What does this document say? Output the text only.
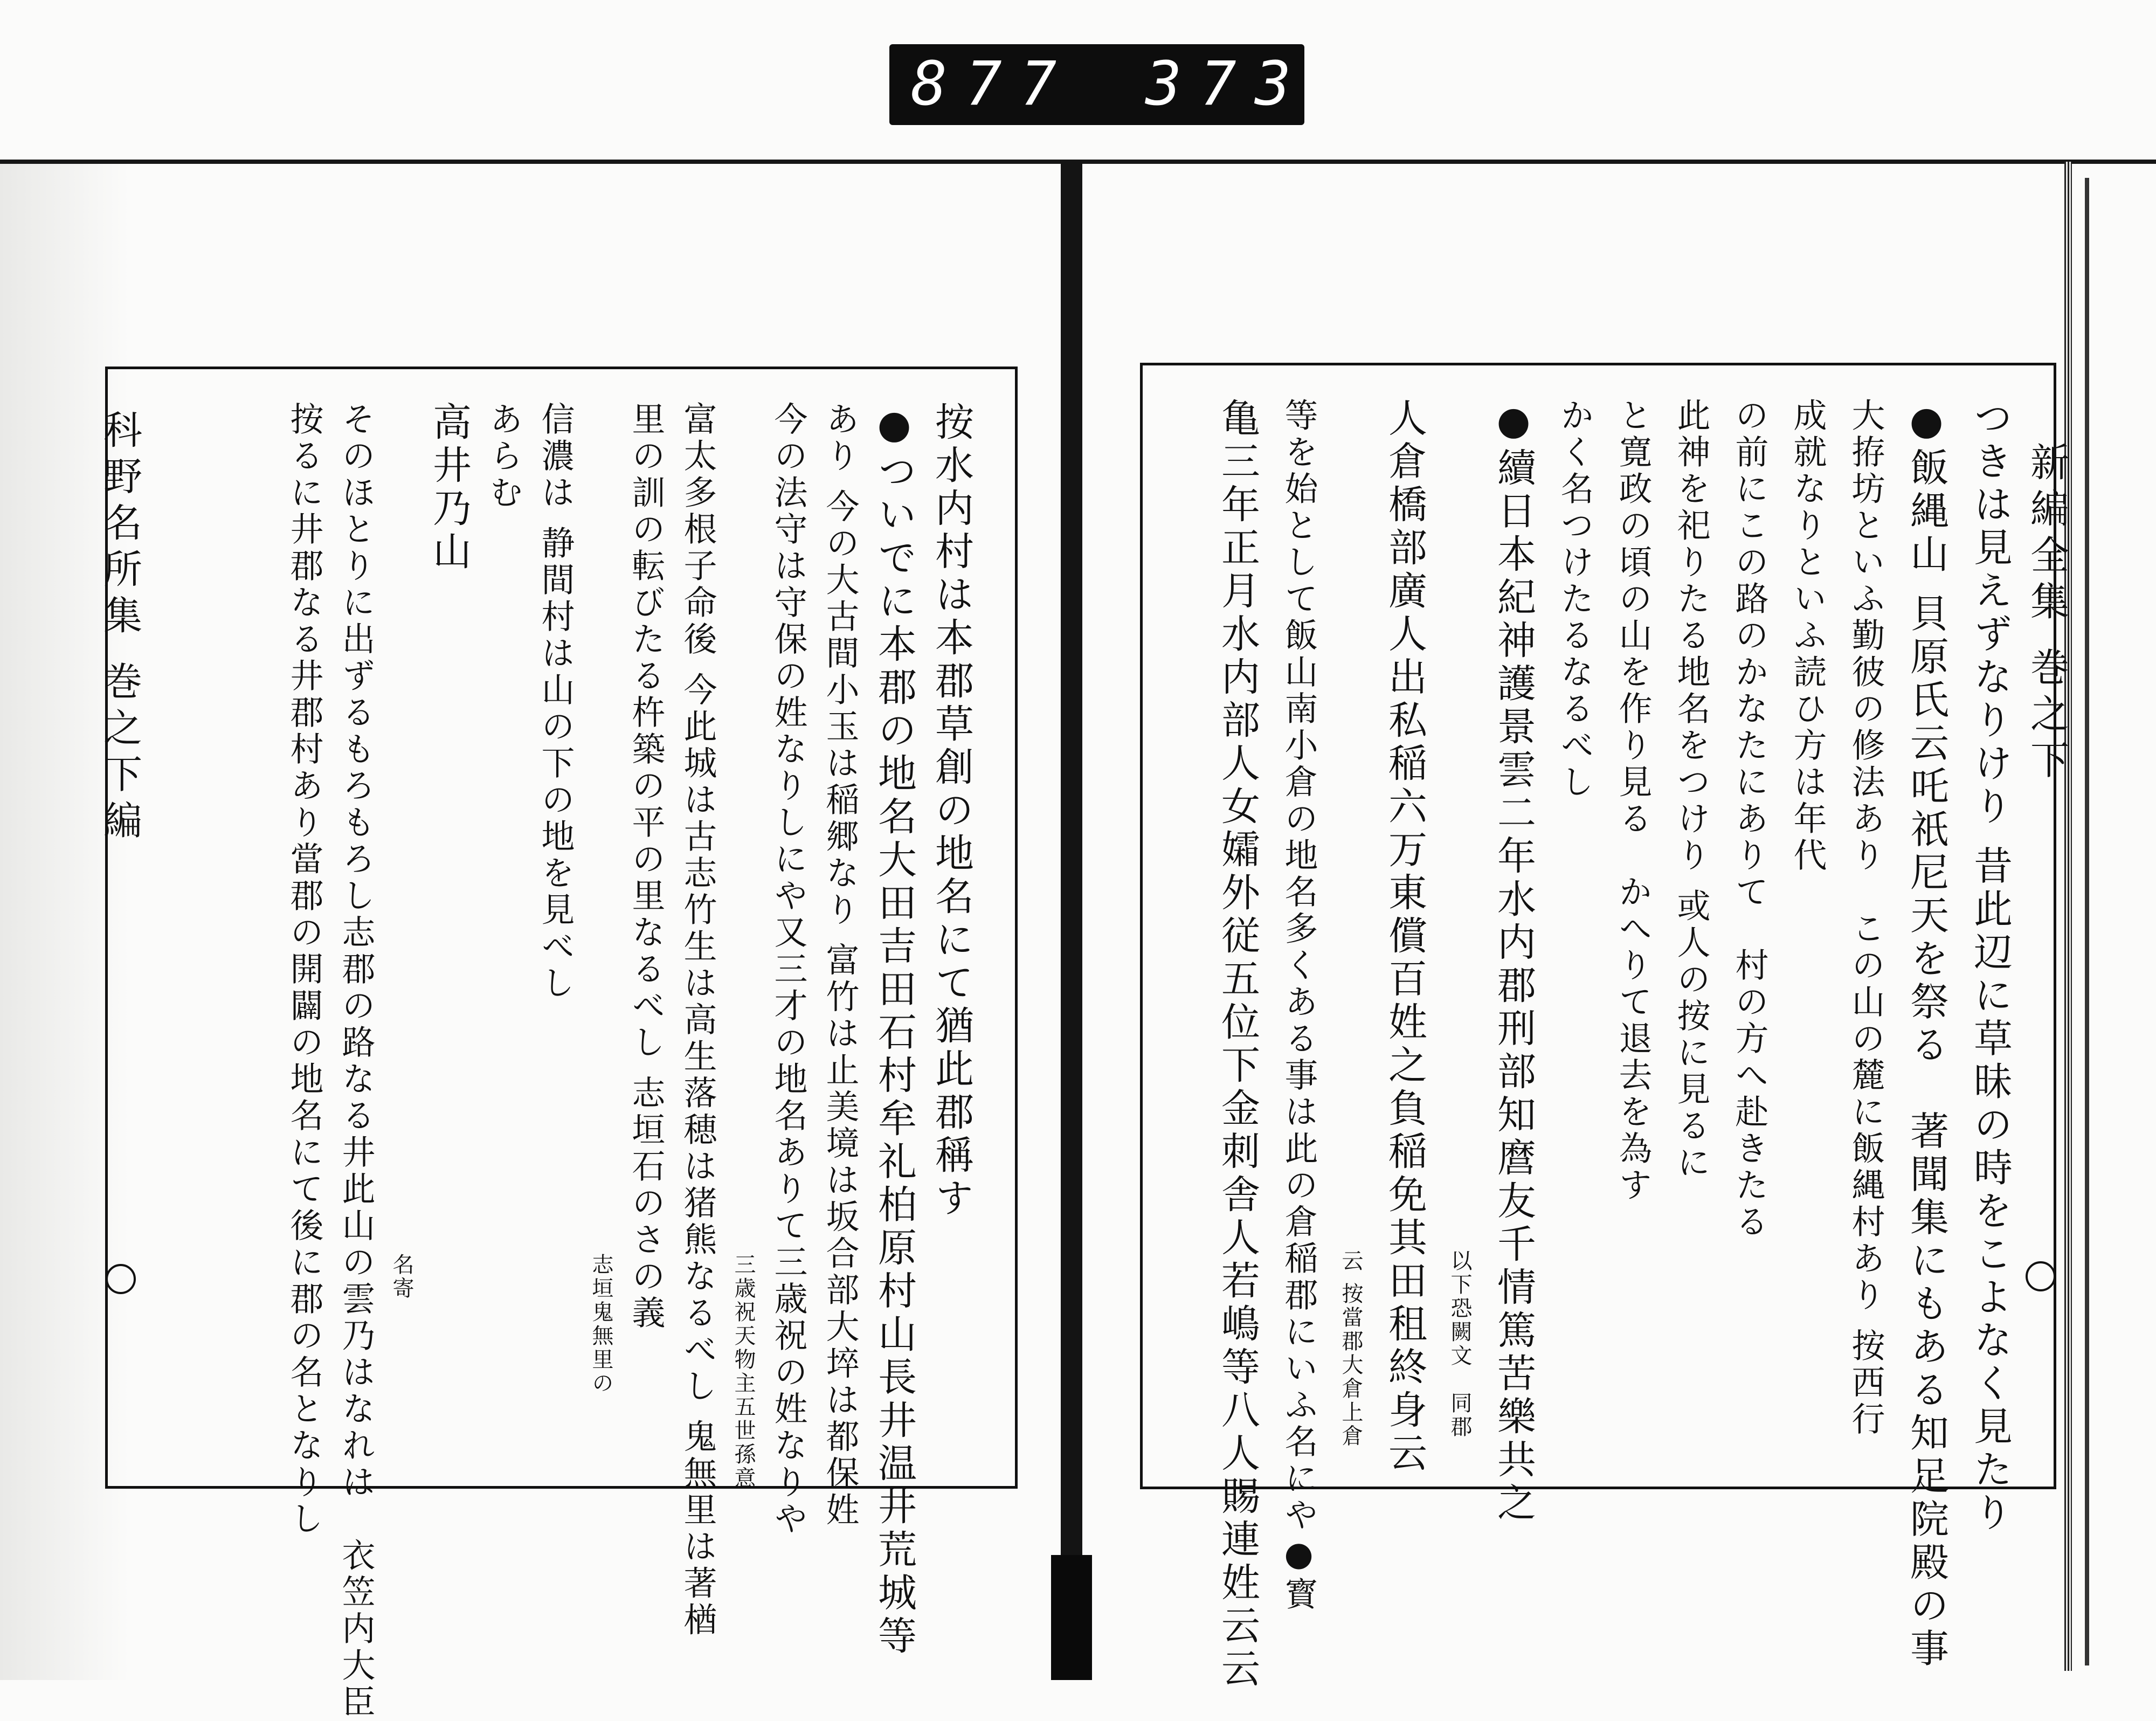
877 373
科野名所集 巻之下編	按水内村は本郡草創の地名にて猶此郡稱す
●ついでに本郡の地名大田吉田石村牟礼柏原村山長井温井荒城等
あり 今の大古間小玉は稲郷なり 富竹は止美境は坂合部大埣は都保姓
今の法守は守保の姓なりしにや又三才の地名ありて三歳祝の姓なりや
三歳祝天物主五世孫意
富太多根子命後 今此城は古志竹生は高生落穂は猪熊なるべし 鬼無里は著楢
里の訓の転びたる杵築の平の里なるべし 志垣石のさの義
志垣鬼無里の
信濃は 静間村は山の下の地を見べし
あらむ
高井乃山
名寄
そのほとりに出ずるもろもろし志郡の路なる井此山の雲乃はなれは　衣笠内大臣
按るに井郡なる井郡村あり當郡の開闢の地名にて後に郡の名となりし	新編全集 巻之下
つきは見えずなりけり 昔此辺に草昧の時をこよなく見たり
●飯縄山 貝原氏云吒祇尼天を祭る　著聞集にもある知足院殿の事
大拵坊といふ勤彼の修法あり　この山の麓に飯縄村あり 按西行
成就なりといふ読ひ方は年代
の前にこの路のかなたにありて　村の方へ赴きたる
此神を祀りたる地名をつけり 或人の按に見るに
と寛政の頃の山を作り見る　かへりて退去を為す
かく名つけたるなるべし
●續日本紀神護景雲二年水内郡刑部知麿友千情篤苦樂共之
以下恐闕文　同郡
人倉橋部廣人出私稲六万東償百姓之負稲免其田租終身云
云 按當郡大倉上倉
等を始として飯山南小倉の地名多くある事は此の倉稲郡にいふ名にや●寳
亀三年正月水内部人女孀外従五位下金刺舎人若嶋等八人賜連姓云云
